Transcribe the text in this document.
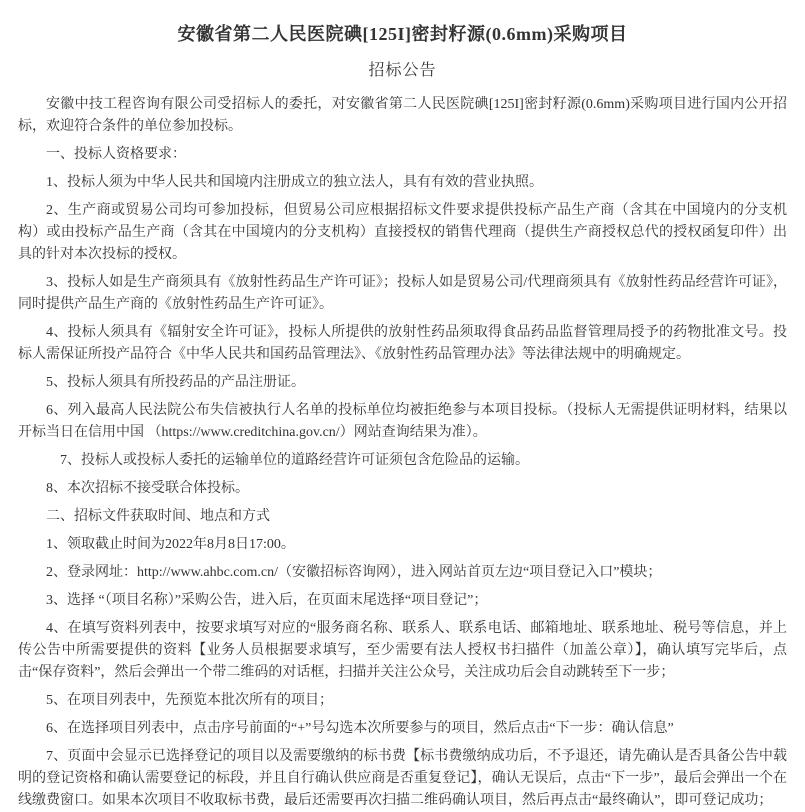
安徽省第二人民医院碘[125I]密封籽源(0.6mm)采购项目
招标公告

安徽中技工程咨询有限公司受招标人的委托，对安徽省第二人民医院碘[125I]密封籽源(0.6mm)采购项目进行国内公开招标，欢迎符合条件的单位参加投标。

一、投标人资格要求：

1、投标人须为中华人民共和国境内注册成立的独立法人，具有有效的营业执照。

2、生产商或贸易公司均可参加投标，但贸易公司应根据招标文件要求提供投标产品生产商（含其在中国境内的分支机构）或由投标产品生产商（含其在中国境内的分支机构）直接授权的销售代理商（提供生产商授权总代的授权函复印件）出具的针对本次投标的授权。

3、投标人如是生产商须具有《放射性药品生产许可证》；投标人如是贸易公司/代理商须具有《放射性药品经营许可证》，同时提供产品生产商的《放射性药品生产许可证》。

4、投标人须具有《辐射安全许可证》，投标人所提供的放射性药品须取得食品药品监督管理局授予的药物批准文号。投标人需保证所投产品符合《中华人民共和国药品管理法》、《放射性药品管理办法》等法律法规中的明确规定。

5、投标人须具有所投药品的产品注册证。

6、列入最高人民法院公布失信被执行人名单的投标单位均被拒绝参与本项目投标。（投标人无需提供证明材料，结果以开标当日在信用中国 （https://www.creditchina.gov.cn/）网站查询结果为准）。

　7、投标人或投标人委托的运输单位的道路经营许可证须包含危险品的运输。

8、本次招标不接受联合体投标。

二、招标文件获取时间、地点和方式

1、领取截止时间为2022年8月8日17:00。

2、登录网址：http://www.ahbc.com.cn/（安徽招标咨询网），进入网站首页左边“项目登记入口”模块；

3、选择 “（项目名称）”采购公告，进入后，在页面末尾选择“项目登记”；

4、在填写资料列表中，按要求填写对应的“服务商名称、联系人、联系电话、邮箱地址、联系地址、税号等信息，并上传公告中所需要提供的资料【业务人员根据要求填写，至少需要有法人授权书扫描件（加盖公章）】，确认填写完毕后，点击“保存资料”，然后会弹出一个带二维码的对话框，扫描并关注公众号，关注成功后会自动跳转至下一步；

5、在项目列表中，先预览本批次所有的项目；

6、在选择项目列表中，点击序号前面的“+”号勾选本次所要参与的项目，然后点击“下一步：确认信息”

7、页面中会显示已选择登记的项目以及需要缴纳的标书费【标书费缴纳成功后，不予退还，请先确认是否具备公告中载明的登记资格和确认需要登记的标段，并且自行确认供应商是否重复登记】，确认无误后，点击“下一步”，最后会弹出一个在线缴费窗口。如果本次项目不收取标书费，最后还需要再次扫描二维码确认项目，然后再点击“最终确认”，即可登记成功；
